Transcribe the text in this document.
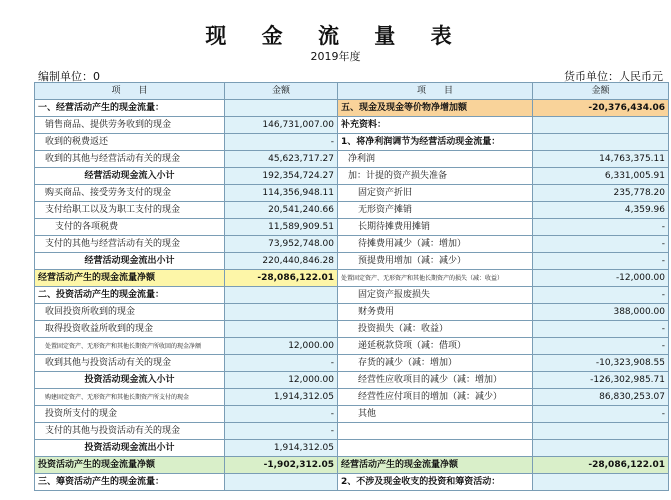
现 金 流 量 表
2019年度
编制单位：0	货币单位：人民币元
项　　目	金额	项　　目	金额
一、经营活动产生的现金流量：		五、现金及现金等价物净增加额	-20,376,434.06
销售商品、提供劳务收到的现金	146,731,007.00	补充资料：	
收到的税费返还	-	1、将净利润调节为经营活动现金流量：	
收到的其他与经营活动有关的现金	45,623,717.27	净利润	14,763,375.11
经营活动现金流入小计	192,354,724.27	加：计提的资产损失准备	6,331,005.91
购买商品、接受劳务支付的现金	114,356,948.11	固定资产折旧	235,778.20
支付给职工以及为职工支付的现金	20,541,240.66	无形资产摊销	4,359.96
支付的各项税费	11,589,909.51	长期待摊费用摊销	-
支付的其他与经营活动有关的现金	73,952,748.00	待摊费用减少（减：增加）	-
经营活动现金流出小计	220,440,846.28	预提费用增加（减：减少）	-
经营活动产生的现金流量净额	-28,086,122.01	处置固定资产、无形资产和其他长期资产的损失（减：收益）	-12,000.00
二、投资活动产生的现金流量：		固定资产报废损失	-
收回投资所收到的现金		财务费用	388,000.00
取得投资收益所收到的现金		投资损失（减：收益）	-
处置固定资产、无形资产和其他长期资产所收回的现金净额	12,000.00	递延税款贷项（减：借项）	-
收到其他与投资活动有关的现金	-	存货的减少（减：增加）	-10,323,908.55
投资活动现金流入小计	12,000.00	经营性应收项目的减少（减：增加）	-126,302,985.71
购建固定资产、无形资产和其他长期资产所支付的现金	1,914,312.05	经营性应付项目的增加（减：减少）	86,830,253.07
投资所支付的现金	-	其他	-
支付的其他与投资活动有关的现金	-		
投资活动现金流出小计	1,914,312.05		
投资活动产生的现金流量净额	-1,902,312.05	经营活动产生的现金流量净额	-28,086,122.01
三、筹资活动产生的现金流量：		2、不涉及现金收支的投资和筹资活动：	
